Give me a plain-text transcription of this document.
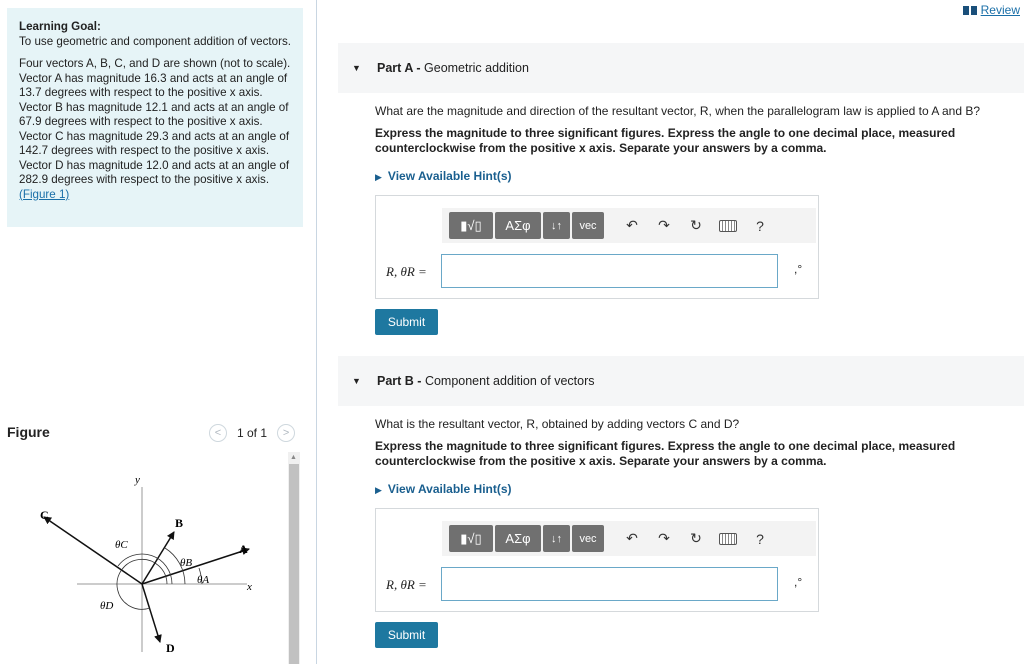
Learning Goal:

To use geometric and component addition of vectors.

Four vectors A, B, C, and D are shown (not to scale). Vector A has magnitude 16.3 and acts at an angle of 13.7 degrees with respect to the positive x axis. Vector B has magnitude 12.1 and acts at an angle of 67.9 degrees with respect to the positive x axis. Vector C has magnitude 29.3 and acts at an angle of 142.7 degrees with respect to the positive x axis. Vector D has magnitude 12.0 and acts at an angle of 282.9 degrees with respect to the positive x axis.(Figure 1)

Figure	<	1 of 1	>
y
x
A
B
C
D
θA
θB
θC
θD
▲
Review
▼ Part A - Geometric addition
What are the magnitude and direction of the resultant vector, R, when the parallelogram law is applied to A and B?
Express the magnitude to three significant figures. Express the angle to one decimal place, measured counterclockwise from the positive x axis. Separate your answers by a comma.
▶ View Available Hint(s)
▮√▯	ΑΣφ	↓↑	vec	↶	↷	↻	?
R, θR =	,°
Submit
▼ Part B - Component addition of vectors
What is the resultant vector, R, obtained by adding vectors C and D?
Express the magnitude to three significant figures. Express the angle to one decimal place, measured counterclockwise from the positive x axis. Separate your answers by a comma.
▶ View Available Hint(s)
▮√▯	ΑΣφ	↓↑	vec	↶	↷	↻	?
R, θR =	,°
Submit
